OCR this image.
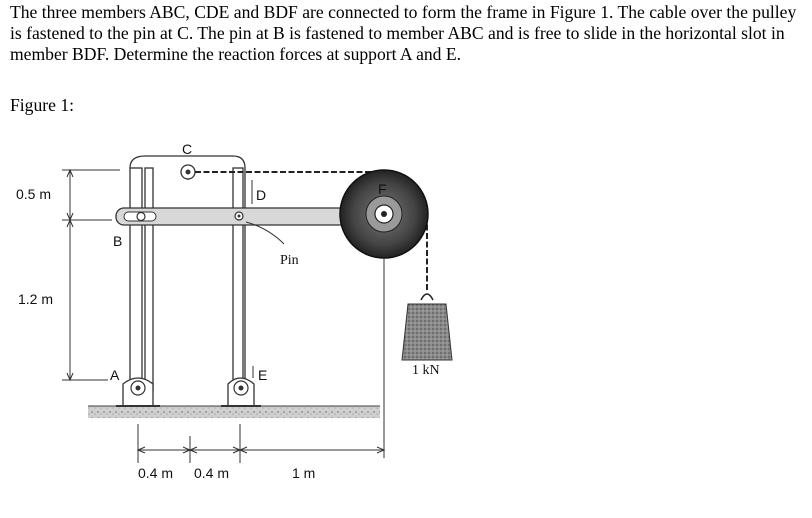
The three members ABC, CDE and BDF are connected to form the frame in Figure 1. The cable over the pulley is fastened to the pin at C. The pin at B is fastened to member ABC and is free to slide in the horizontal slot in member BDF. Determine the reaction forces at support A and E.

Figure 1:

C
B
D
Pin
F
1 kN
A	E
0.5 m
1.2 m
0.4 m 0.4 m	1 m
